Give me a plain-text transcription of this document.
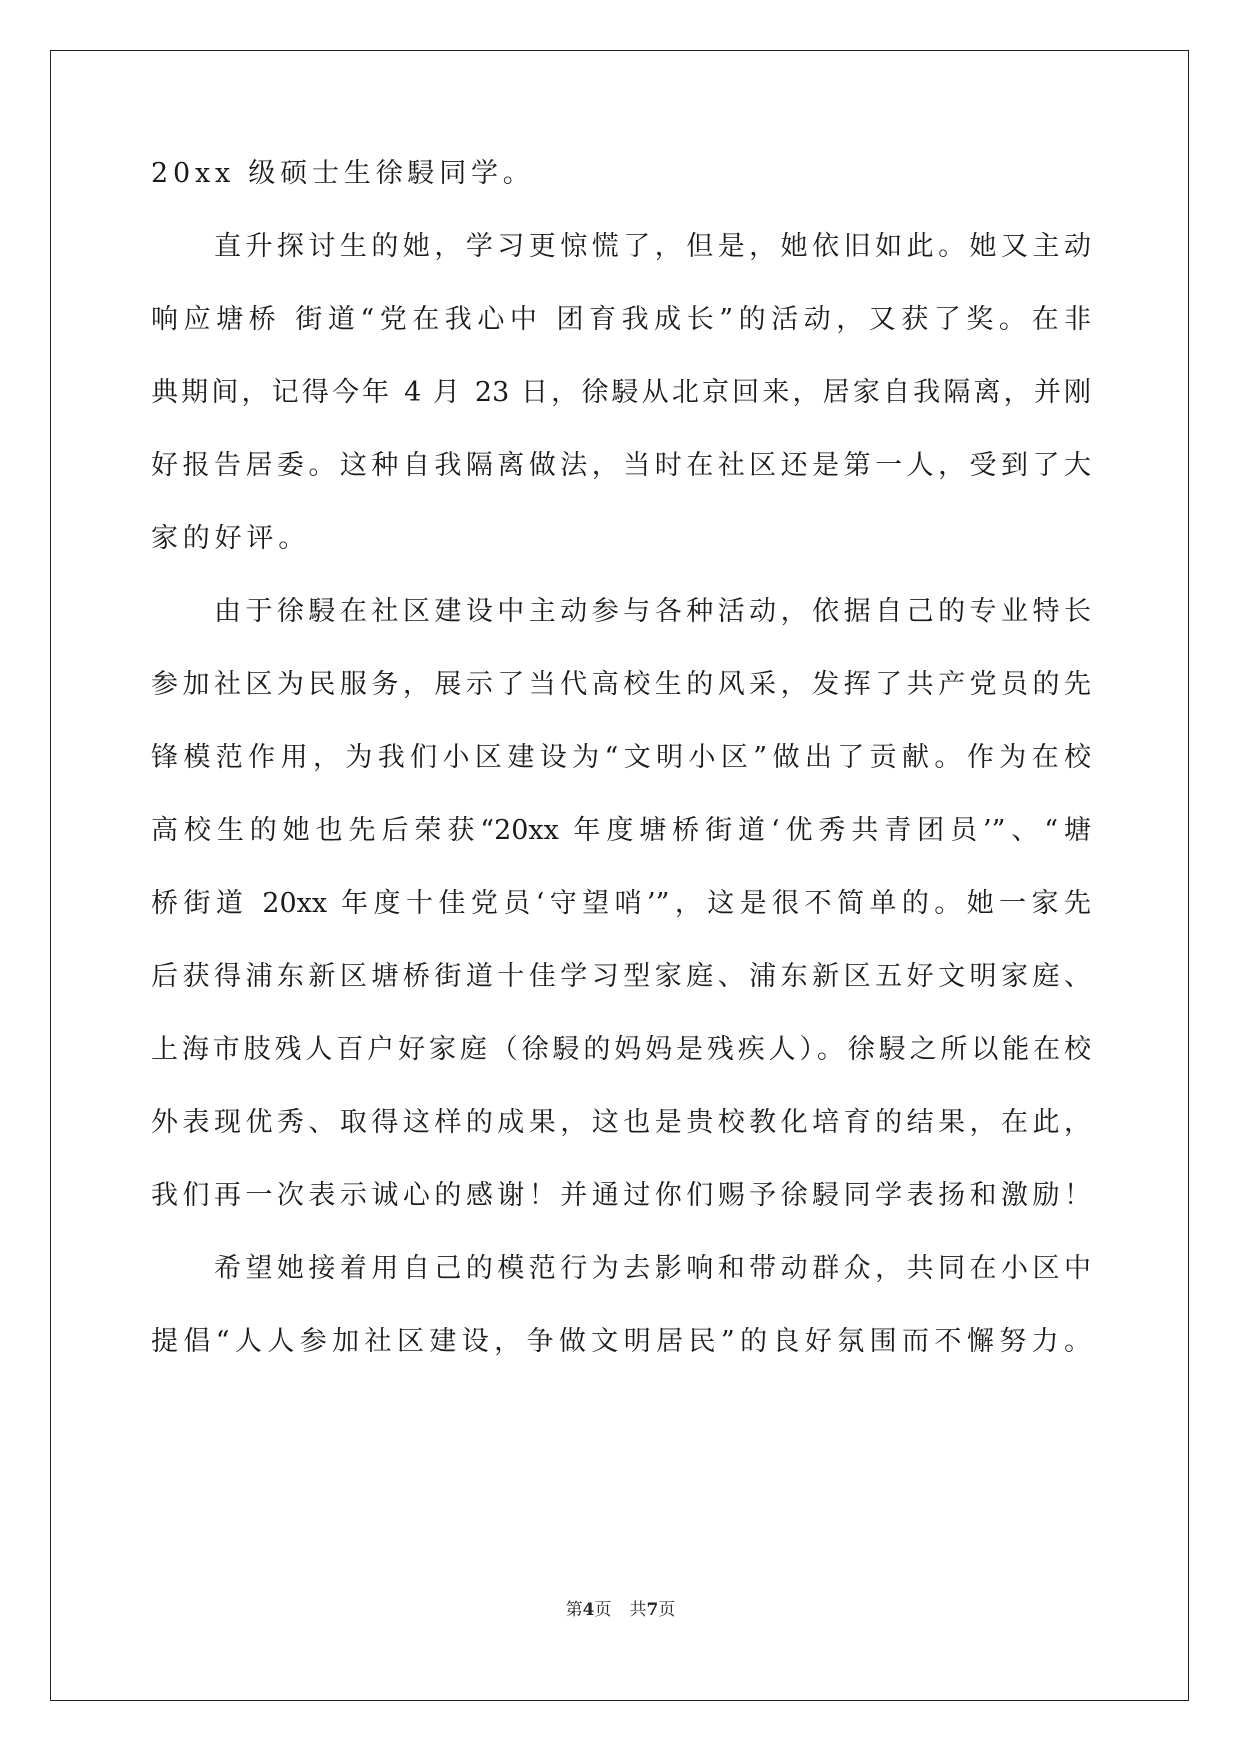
20xx 级硕士生徐駸同学。
　　直升探讨生的她，学习更惊慌了，但是，她依旧如此。她又主动
响应塘桥 街道“党在我心中 团育我成长”的活动，又获了奖。在非
典期间，记得今年 4 月 23 日，徐駸从北京回来，居家自我隔离，并刚
好报告居委。这种自我隔离做法，当时在社区还是第一人，受到了大
家的好评。
　　由于徐駸在社区建设中主动参与各种活动，依据自己的专业特长
参加社区为民服务，展示了当代高校生的风采，发挥了共产党员的先
锋模范作用，为我们小区建设为“文明小区”做出了贡献。作为在校
高校生的她也先后荣获“20xx 年度塘桥街道‘优秀共青团员’”、“塘
桥街道 20xx 年度十佳党员‘守望哨’”，这是很不简单的。她一家先
后获得浦东新区塘桥街道十佳学习型家庭、浦东新区五好文明家庭、
上海市肢残人百户好家庭（徐駸的妈妈是残疾人）。徐駸之所以能在校
外表现优秀、取得这样的成果，这也是贵校教化培育的结果，在此，
我们再一次表示诚心的感谢！并通过你们赐予徐駸同学表扬和激励！
　　希望她接着用自己的模范行为去影响和带动群众，共同在小区中
提倡“人人参加社区建设，争做文明居民”的良好氛围而不懈努力。
第4页 共7页
